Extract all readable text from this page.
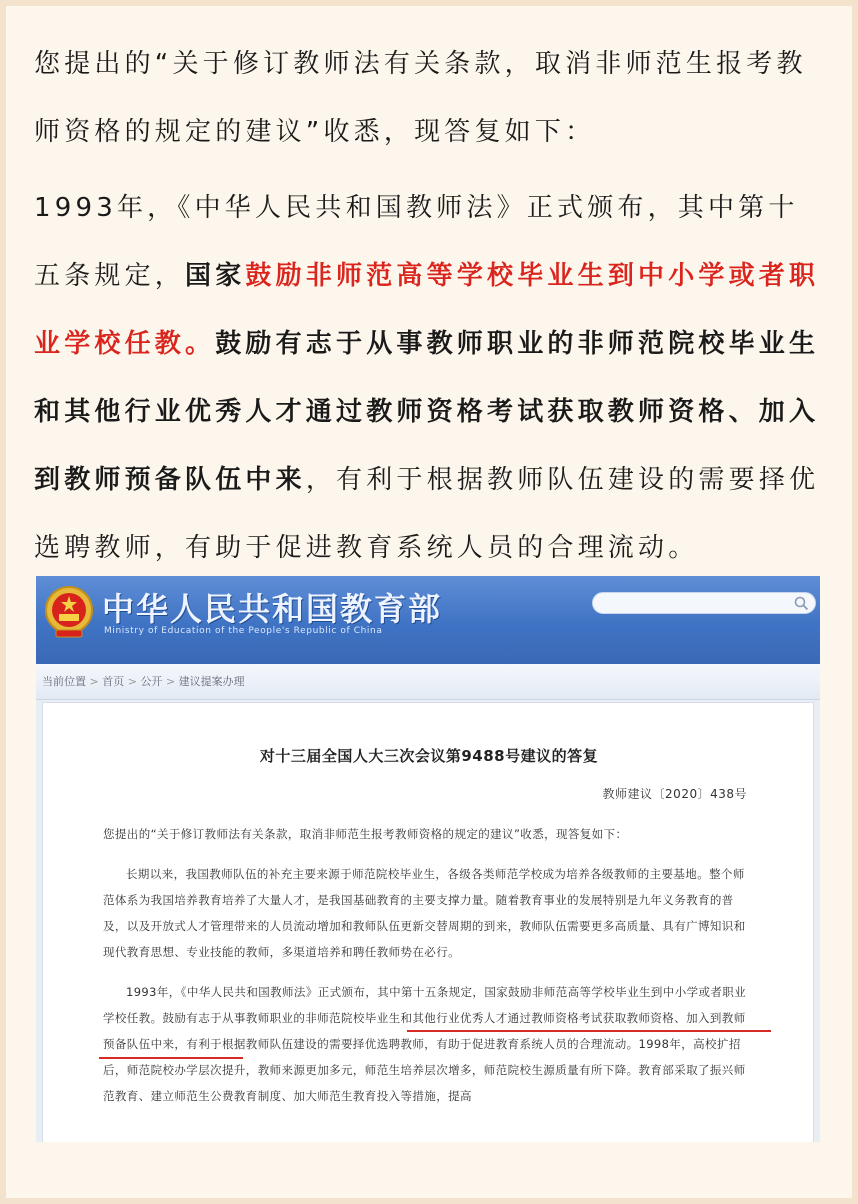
您提出的“关于修订教师法有关条款，取消非师范生报考教师资格的规定的建议”收悉，现答复如下：

1993年，《中华人民共和国教师法》正式颁布，其中第十五条规定，国家鼓励非师范高等学校毕业生到中小学或者职业学校任教。鼓励有志于从事教师职业的非师范院校毕业生和其他行业优秀人才通过教师资格考试获取教师资格、加入到教师预备队伍中来，有利于根据教师队伍建设的需要择优选聘教师，有助于促进教育系统人员的合理流动。

中华人民共和国教育部
Ministry of Education of the People's Republic of China
当前位置 > 首页 > 公开 > 建议提案办理
对十三届全国人大三次会议第9488号建议的答复
教师建议〔2020〕438号

您提出的“关于修订教师法有关条款，取消非师范生报考教师资格的规定的建议”收悉，现答复如下：

长期以来，我国教师队伍的补充主要来源于师范院校毕业生，各级各类师范学校成为培养各级教师的主要基地。整个师范体系为我国培养教育培养了大量人才，是我国基础教育的主要支撑力量。随着教育事业的发展特别是九年义务教育的普及，以及开放式人才管理带来的人员流动增加和教师队伍更新交替周期的到来，教师队伍需要更多高质量、具有广博知识和现代教育思想、专业技能的教师，多渠道培养和聘任教师势在必行。

1993年，《中华人民共和国教师法》正式颁布，其中第十五条规定，国家鼓励非师范高等学校毕业生到中小学或者职业学校任教。鼓励有志于从事教师职业的非师范院校毕业生和其他行业优秀人才通过教师资格考试获取教师资格、加入到教师预备队伍中来，有利于根据教师队伍建设的需要择优选聘教师，有助于促进教育系统人员的合理流动。1998年，高校扩招后，师范院校办学层次提升，教师来源更加多元，师范生培养层次增多，师范院校生源质量有所下降。教育部采取了振兴师范教育、建立师范生公费教育制度、加大师范生教育投入等措施，提高
